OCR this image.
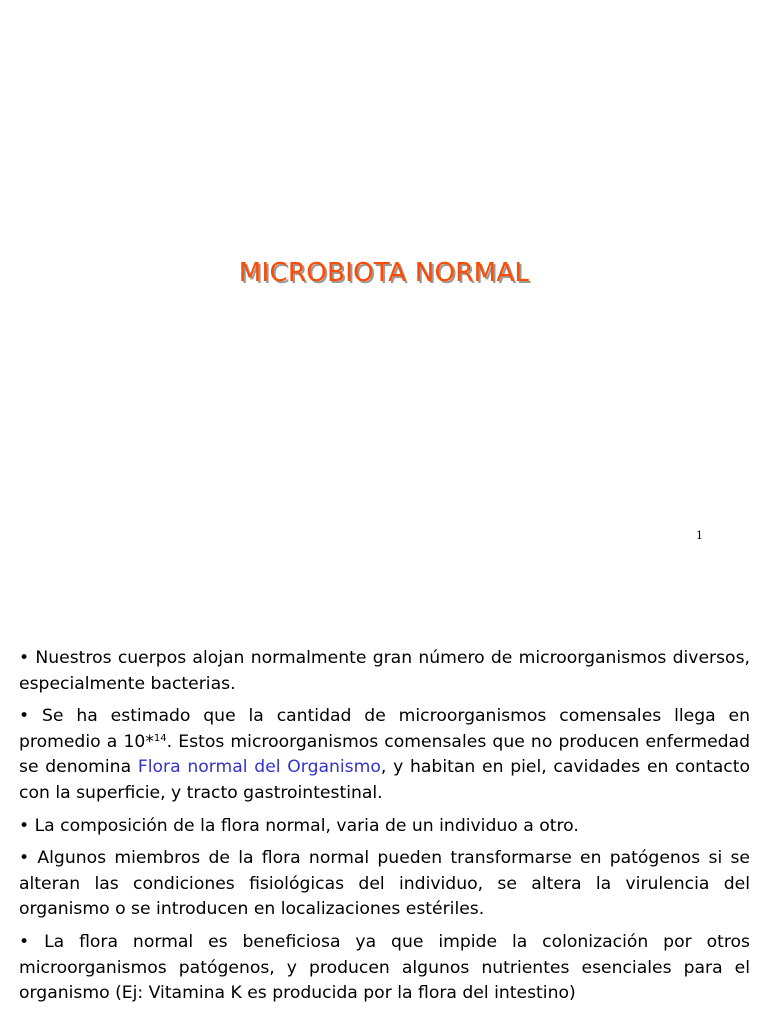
MICROBIOTA NORMAL
1

• Nuestros cuerpos alojan normalmente gran número de microorganismos diversos, especialmente bacterias.

• Se ha estimado que la cantidad de microorganismos comensales llega en promedio a 10*$^{14}$. Estos microorganismos comensales que no producen enfermedad se denomina Flora normal del Organismo, y habitan en piel, cavidades en contacto con la superficie, y tracto gastrointestinal.

• La composición de la flora normal, varia de un individuo a otro.

• Algunos miembros de la flora normal pueden transformarse en patógenos si se alteran las condiciones fisiológicas del individuo, se altera la virulencia del organismo o se introducen en localizaciones estériles.

• La flora normal es beneficiosa ya que impide la colonización por otros microorganismos patógenos, y producen algunos nutrientes esenciales para el organismo (Ej: Vitamina K es producida por la flora del intestino)
